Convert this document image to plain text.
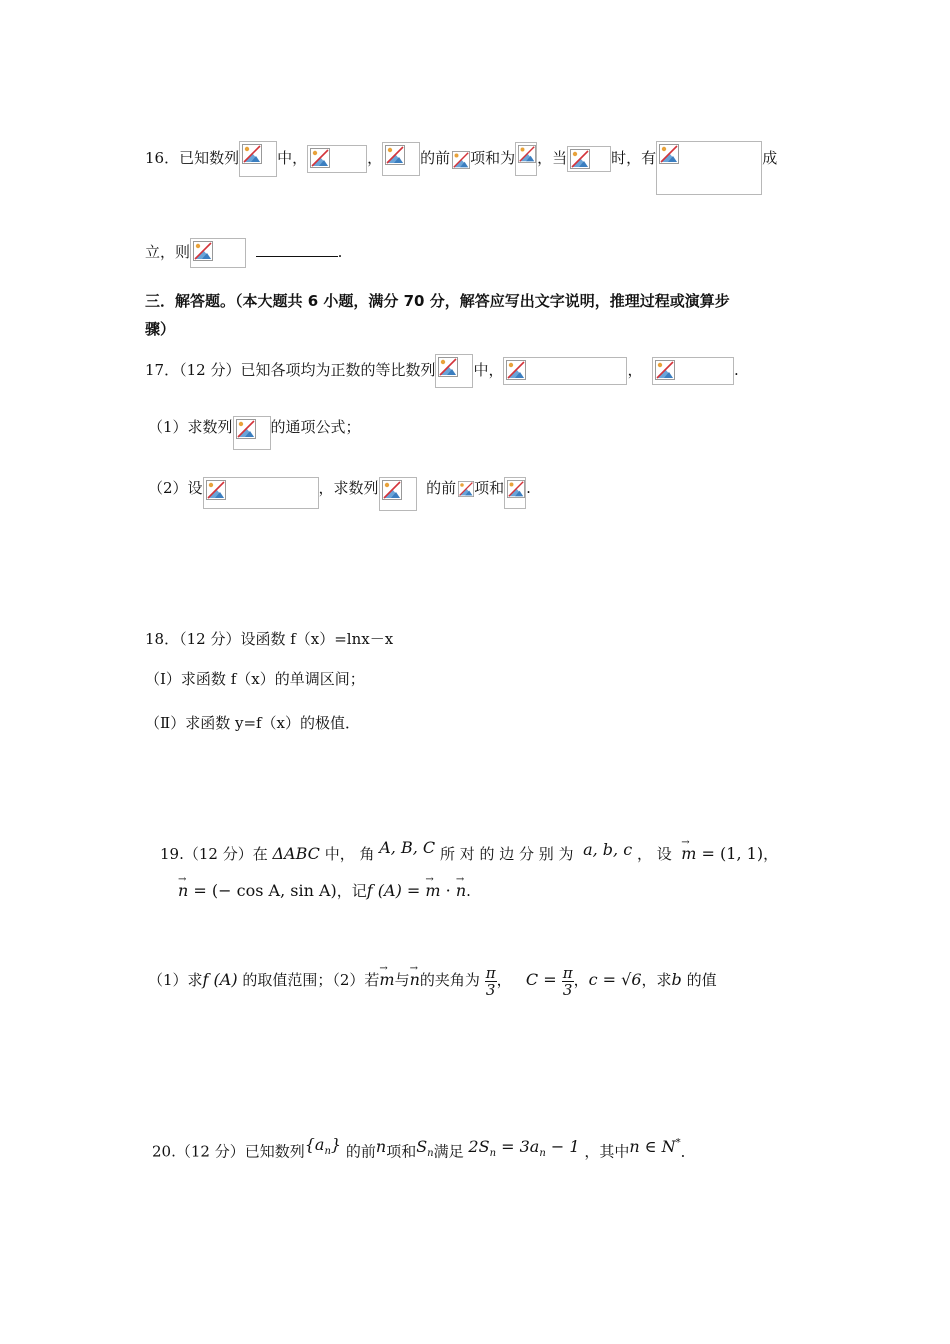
16．已知数列	中，	，	的前 项和为 ，当	时，有	成
立，则	.
三．解答题。（本大题共 6 小题，满分 70 分，解答应写出文字说明，推理过程或演算步
骤）
17．（12 分）已知各项均为正数的等比数列	中，	，	.
（1）求数列	的通项公式；
（2）设	，求数列	的前 项和 .
18．（12 分）设函数 f（x）=lnx－x
（Ⅰ）求函数 f（x）的单调区间；
（Ⅱ）求函数 y=f（x）的极值．
19.（12 分）在 ΔABC 中， 角 A, B, C 所 对 的 边 分 别 为 a, b, c ， 设  → m = (1, 1)，
→ n = (− cos A, sin A)，记f (A) = → m · → n.
（1）求f (A) 的取值范围；（2）若→ m与→ n的夹角为 $\frac{\pi}{3}$ ， $C = \frac{\pi}{3}$ ，c = √6，求b 的值
20.（12 分）已知数列$\{a_n\}$ 的前n项和$S_n$满足 $2S_n = 3a_n - 1$ ，其中n ∈ N*．
